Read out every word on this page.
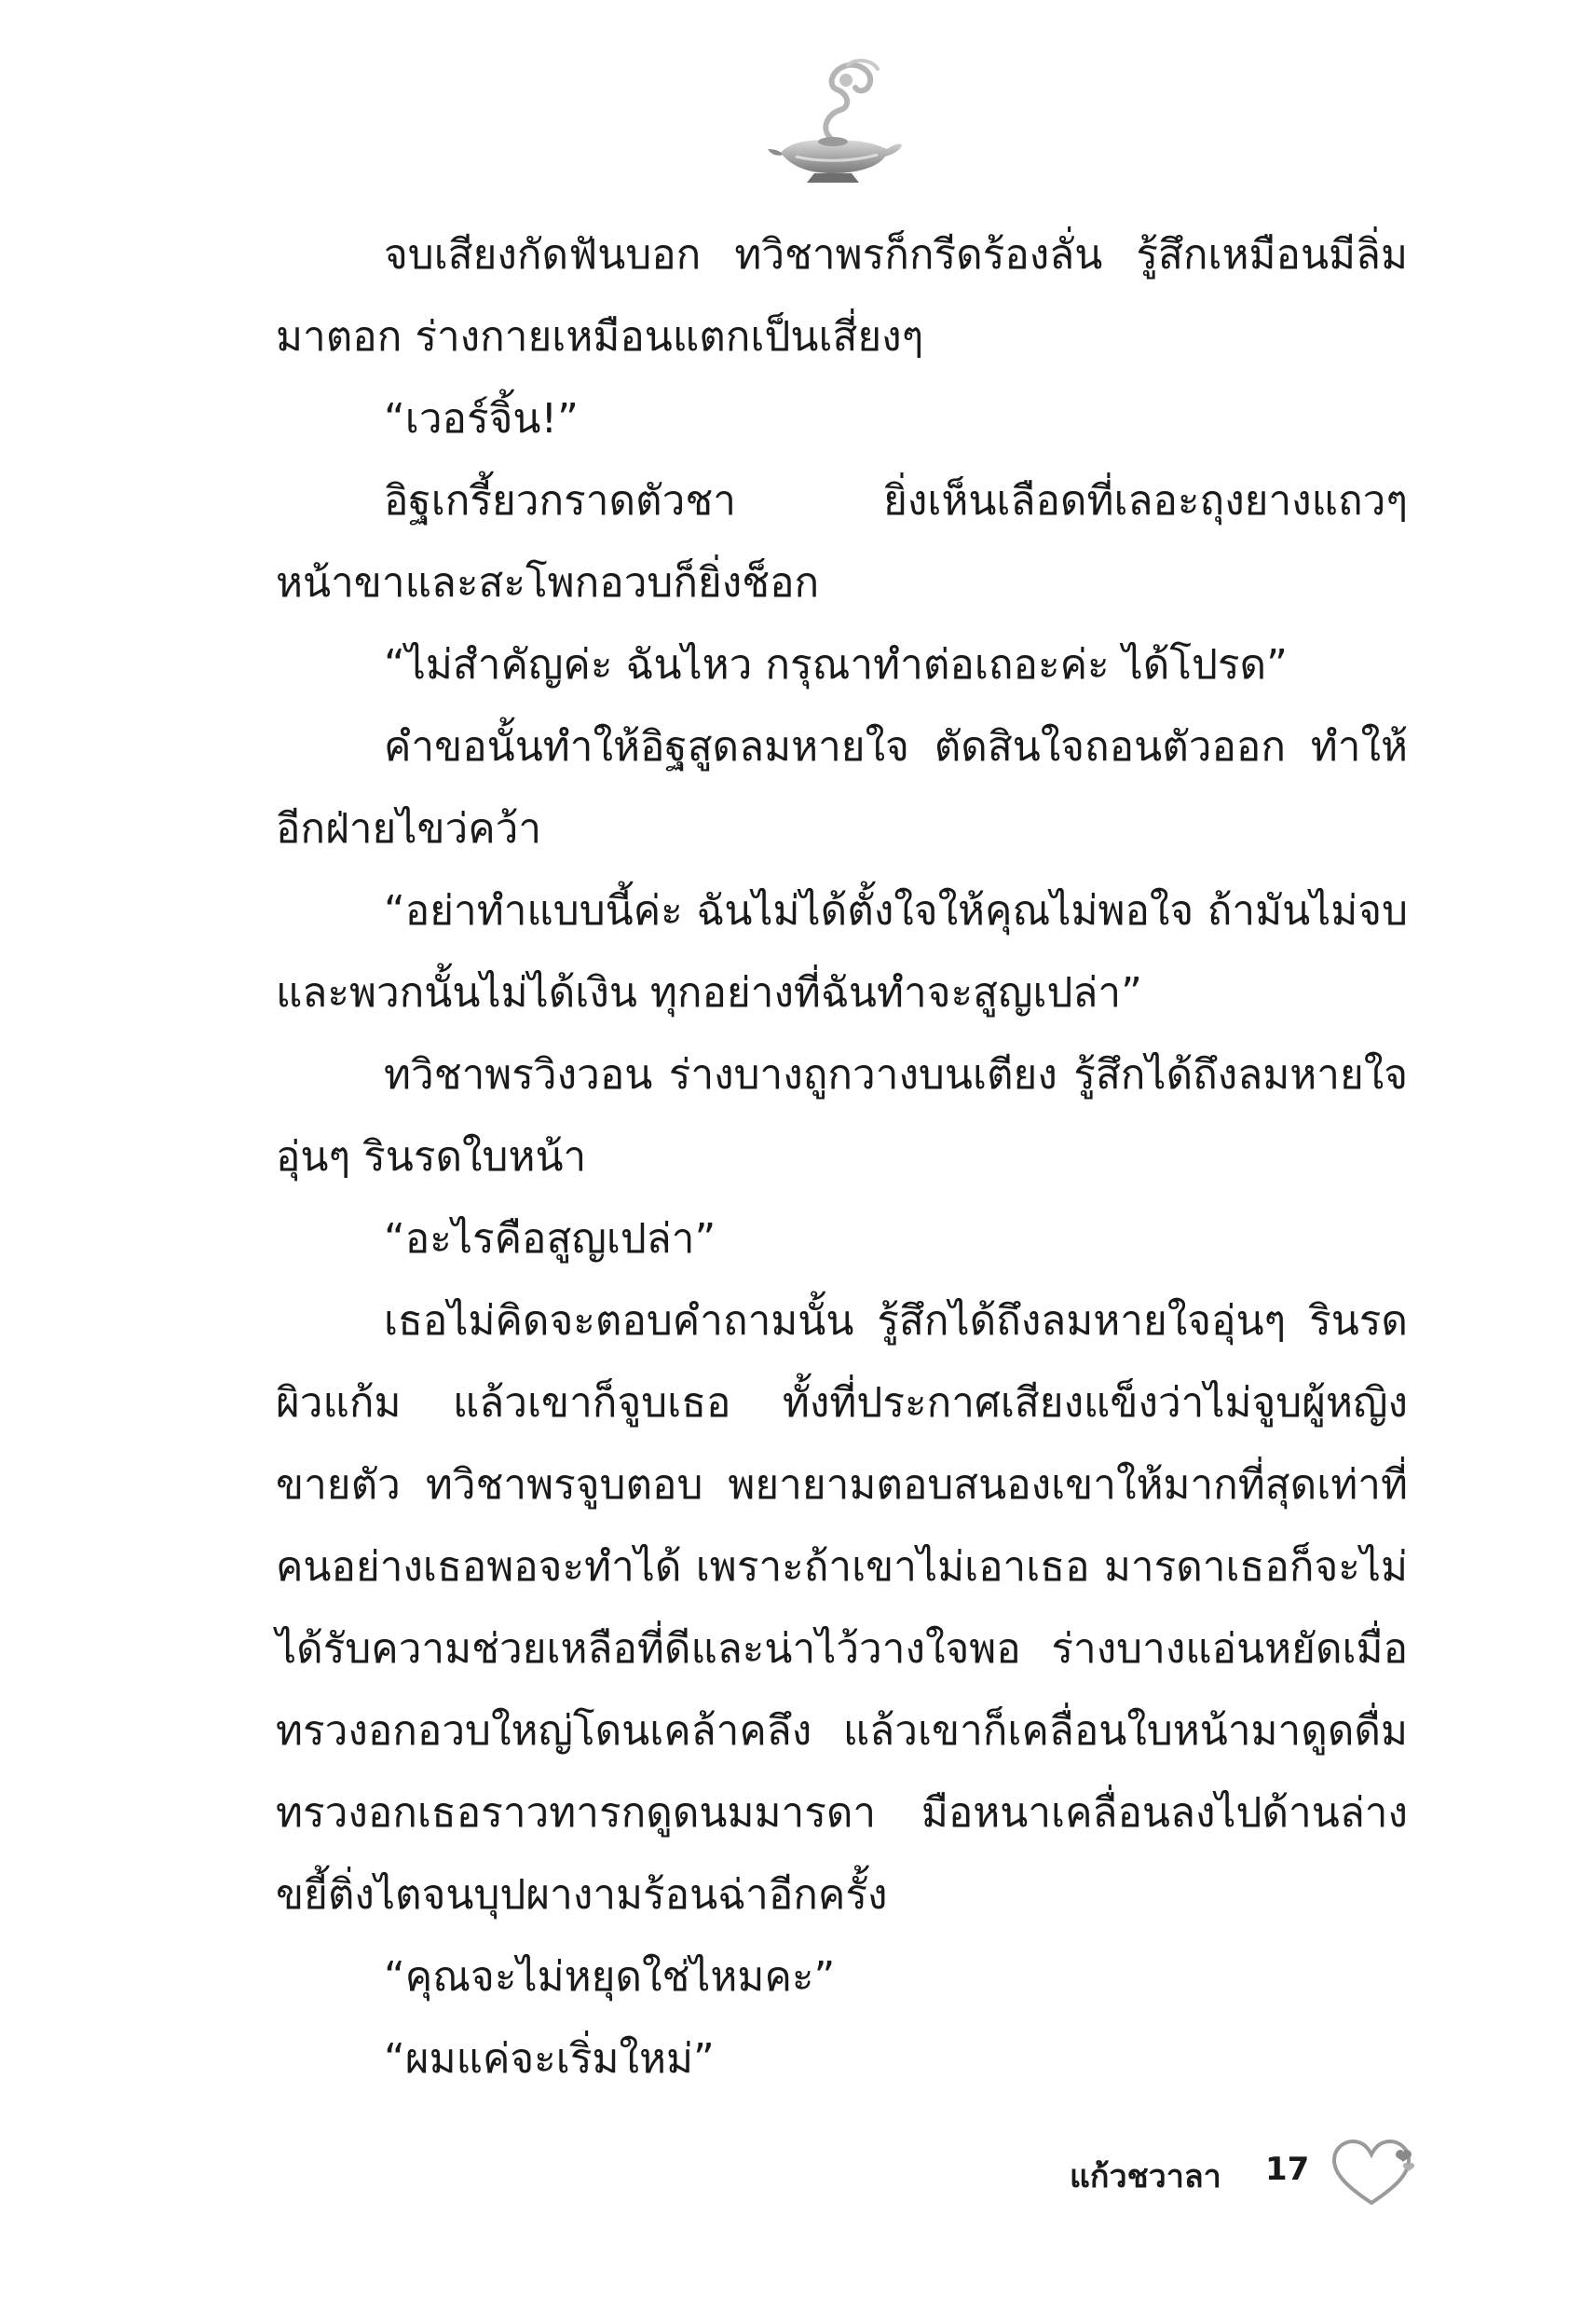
จบเสียงกัดฟันบอก ทวิชาพรก็กรีดร้องลั่น รู้สึกเหมือนมีลิ่มมาตอก ร่างกายเหมือนแตกเป็นเสี่ยงๆ

“เวอร์จิ้น!”

อิฐเกรี้ยวกราดตัวชา ยิ่งเห็นเลือดที่เลอะถุงยางแถวๆ หน้าขาและสะโพกอวบก็ยิ่งช็อก

“ไม่สำคัญค่ะ ฉันไหว กรุณาทำต่อเถอะค่ะ ได้โปรด”

คำขอนั้นทำให้อิฐสูดลมหายใจ ตัดสินใจถอนตัวออก ทำให้อีกฝ่ายไขว่คว้า

“อย่าทำแบบนี้ค่ะ ฉันไม่ได้ตั้งใจให้คุณไม่พอใจ ถ้ามันไม่จบและพวกนั้นไม่ได้เงิน ทุกอย่างที่ฉันทำจะสูญเปล่า”

ทวิชาพรวิงวอน ร่างบางถูกวางบนเตียง รู้สึกได้ถึงลมหายใจอุ่นๆ รินรดใบหน้า

“อะไรคือสูญเปล่า”

เธอไม่คิดจะตอบคำถามนั้น รู้สึกได้ถึงลมหายใจอุ่นๆ รินรดผิวแก้ม แล้วเขาก็จูบเธอ ทั้งที่ประกาศเสียงแข็งว่าไม่จูบผู้หญิงขายตัว ทวิชาพรจูบตอบ พยายามตอบสนองเขาให้มากที่สุดเท่าที่คนอย่างเธอพอจะทำได้ เพราะถ้าเขาไม่เอาเธอ มารดาเธอก็จะไม่ได้รับความช่วยเหลือที่ดีและน่าไว้วางใจพอ ร่างบางแอ่นหยัดเมื่อทรวงอกอวบใหญ่โดนเคล้าคลึง แล้วเขาก็เคลื่อนใบหน้ามาดูดดื่มทรวงอกเธอราวทารกดูดนมมารดา มือหนาเคลื่อนลงไปด้านล่าง ขยี้ติ่งไตจนบุปผางามร้อนฉ่าอีกครั้ง

“คุณจะไม่หยุดใช่ไหมคะ”

“ผมแค่จะเริ่มใหม่”

แก้วชวาลา 17
